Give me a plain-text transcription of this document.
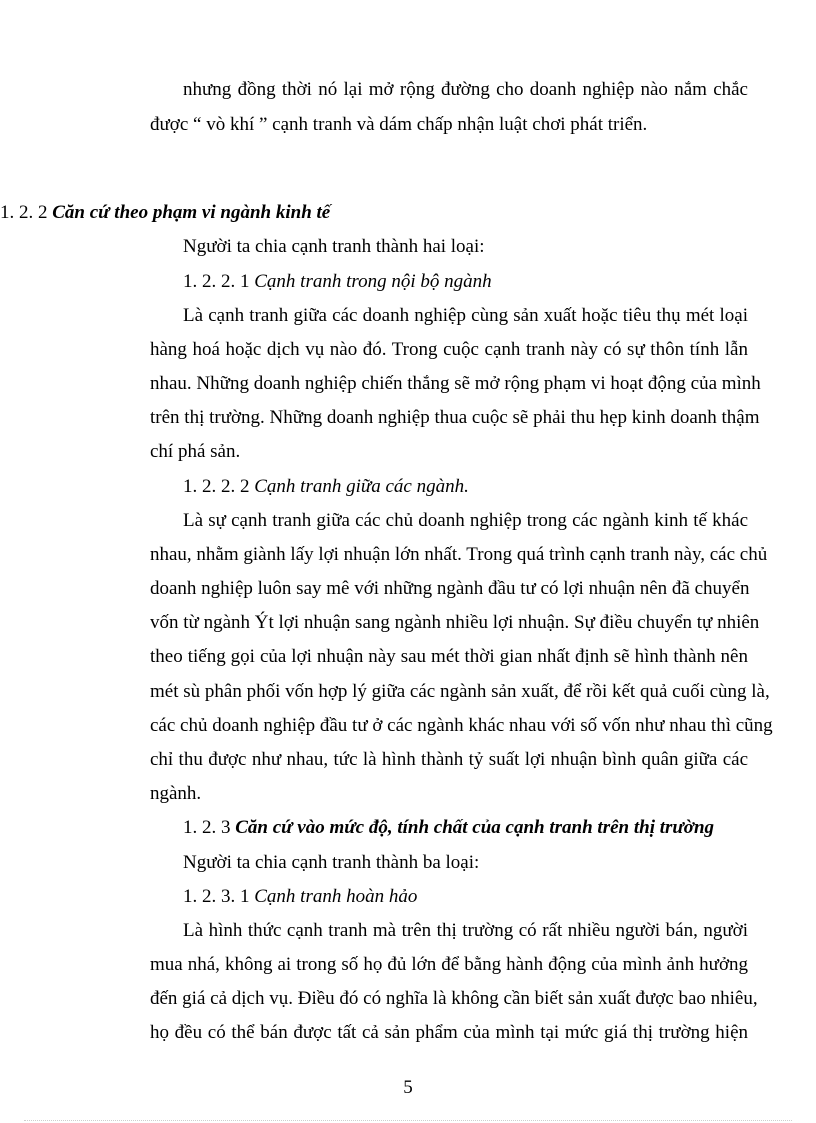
nhưng đồng thời nó lại mở rộng đường cho doanh nghiệp nào nắm chắc
được “ vò khí ” cạnh tranh và dám chấp nhận luật chơi phát triển.
1. 2. 2 Căn cứ theo phạm vi ngành kinh tế
Người ta chia cạnh tranh thành hai loại:
1. 2. 2. 1 Cạnh tranh trong nội bộ ngành
Là cạnh tranh giữa các doanh nghiệp cùng sản xuất hoặc tiêu thụ mét loại
hàng hoá hoặc dịch vụ nào đó. Trong cuộc cạnh tranh này có sự thôn tính lẫn
nhau. Những doanh nghiệp chiến thắng sẽ mở rộng phạm vi hoạt động của mình
trên thị trường. Những doanh nghiệp thua cuộc sẽ phải thu hẹp kinh doanh thậm
chí phá sản.
1. 2. 2. 2 Cạnh tranh giữa các ngành.
Là sự cạnh tranh giữa các chủ doanh nghiệp trong các ngành kinh tế khác
nhau, nhằm giành lấy lợi nhuận lớn nhất. Trong quá trình cạnh tranh này, các chủ
doanh nghiệp luôn say mê với những ngành đầu tư có lợi nhuận nên đã chuyển
vốn từ ngành Ýt lợi nhuận sang ngành nhiều lợi nhuận. Sự điều chuyển tự nhiên
theo tiếng gọi của lợi nhuận này sau mét thời gian nhất định sẽ hình thành nên
mét sù phân phối vốn hợp lý giữa các ngành sản xuất, để rồi kết quả cuối cùng là,
các chủ doanh nghiệp đầu tư ở các ngành khác nhau với số vốn như nhau thì cũng
chỉ thu được như nhau, tức là hình thành tỷ suất lợi nhuận bình quân giữa các
ngành.
1. 2. 3 Căn cứ vào mức độ, tính chất của cạnh tranh trên thị trường
Người ta chia cạnh tranh thành ba loại:
1. 2. 3. 1 Cạnh tranh hoàn hảo
Là hình thức cạnh tranh mà trên thị trường có rất nhiều người bán, người
mua nhá, không ai trong số họ đủ lớn để bằng hành động của mình ảnh hưởng
đến giá cả dịch vụ. Điều đó có nghĩa là không cần biết sản xuất được bao nhiêu,
họ đều có thể bán được tất cả sản phẩm của mình tại mức giá thị trường hiện
5
